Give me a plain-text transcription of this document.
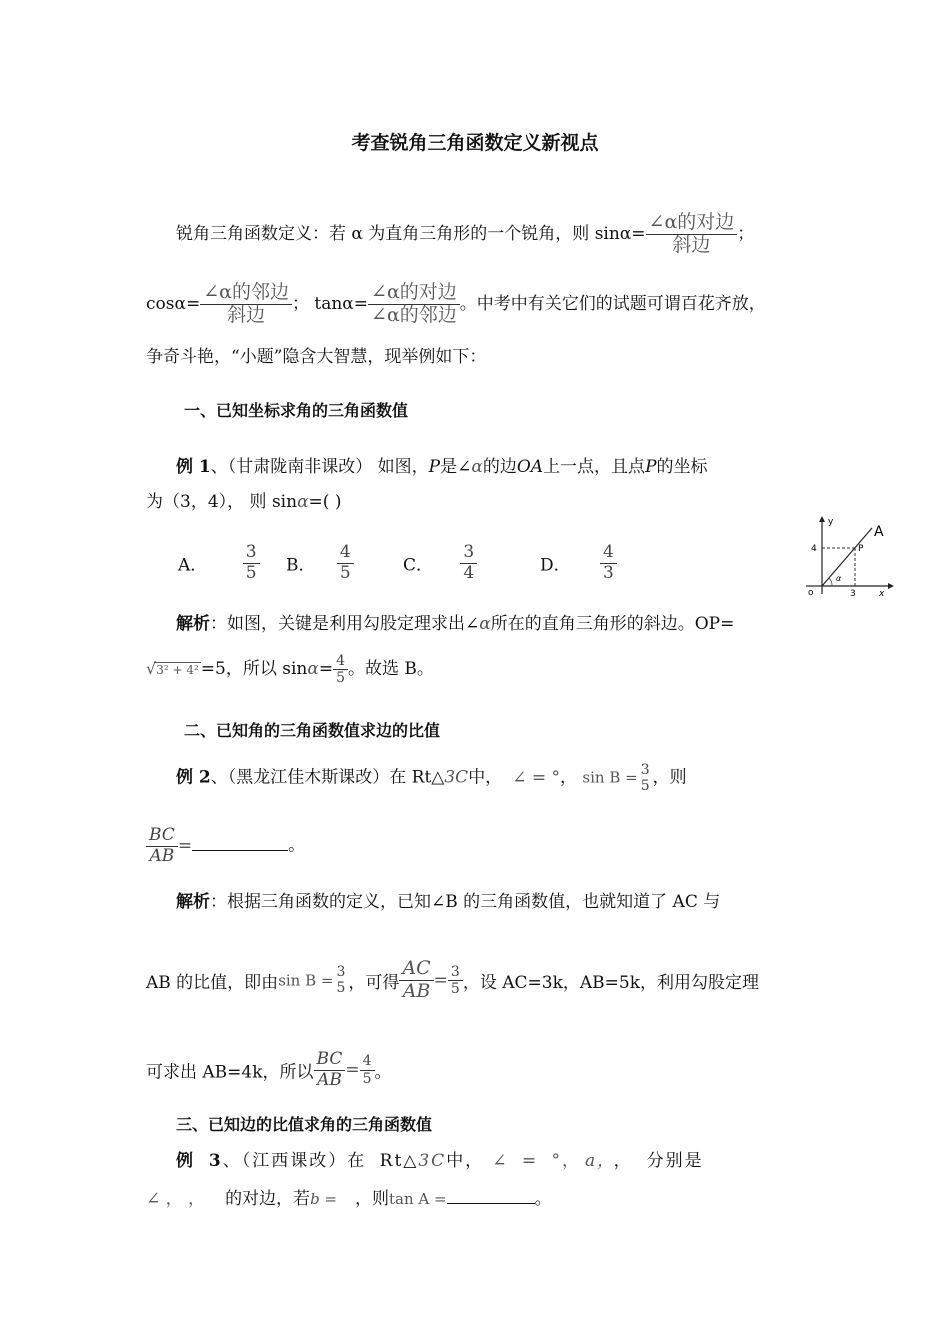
考查锐角三角函数定义新视点
锐角三角函数定义：若 α 为直角三角形的一个锐角，则 $\sin\alpha= \frac{\text{∠α的对边}}{\text{斜边}}$ ；
$\cos\alpha= \frac{\text{∠α的邻边}}{\text{斜边}}$ ； $\tan\alpha= \frac{\text{∠α的对边}}{\text{∠α的邻边}}$ 。中考中有关它们的试题可谓百花齐放，
争奇斗艳，“小题”隐含大智慧，现举例如下：
一、已知坐标求角的三角函数值
例 1、（甘肃陇南非课改） 如图，P是∠α的边OA上一点，且点P的坐标
为（3，4）， 则 sinα=( )
A． $\frac{3}{5}$ B． $\frac{4}{5}$	C． $\frac{3}{4}$	D． $\frac{4}{3}$
y
x
A
P
o
4
3
α
解析：如图，关键是利用勾股定理求出∠α所在的直角三角形的斜边。OP=
√3² + 4² =5，所以 $\sin\alpha= \frac{4}{5}$ 。故选 B。
二、已知角的三角函数值求边的比值
例 2、（黑龙江佳木斯课改）在 Rt△3C中， ∠ = °， sin B = 3
5 ，则
$\frac{BC}{AB}$ =	。
解析：根据三角函数的定义，已知∠B 的三角函数值，也就知道了 AC 与
AB 的比值，即由sin B = 3
5 ，可得 $\frac{AC}{AB} = \frac{3}{5}$ ，设 AC=3k，AB=5k，利用勾股定理
可求出 AB=4k，所以 $\frac{BC}{AB} = \frac{4}{5}$ 。
三、已知边的比值求角的三角函数值
例 3、（江西课改）在 Rt△3C中， ∠ = °， a， ， 分别是
∠ ， ， 的对边，若b = ，则tan A =	。
